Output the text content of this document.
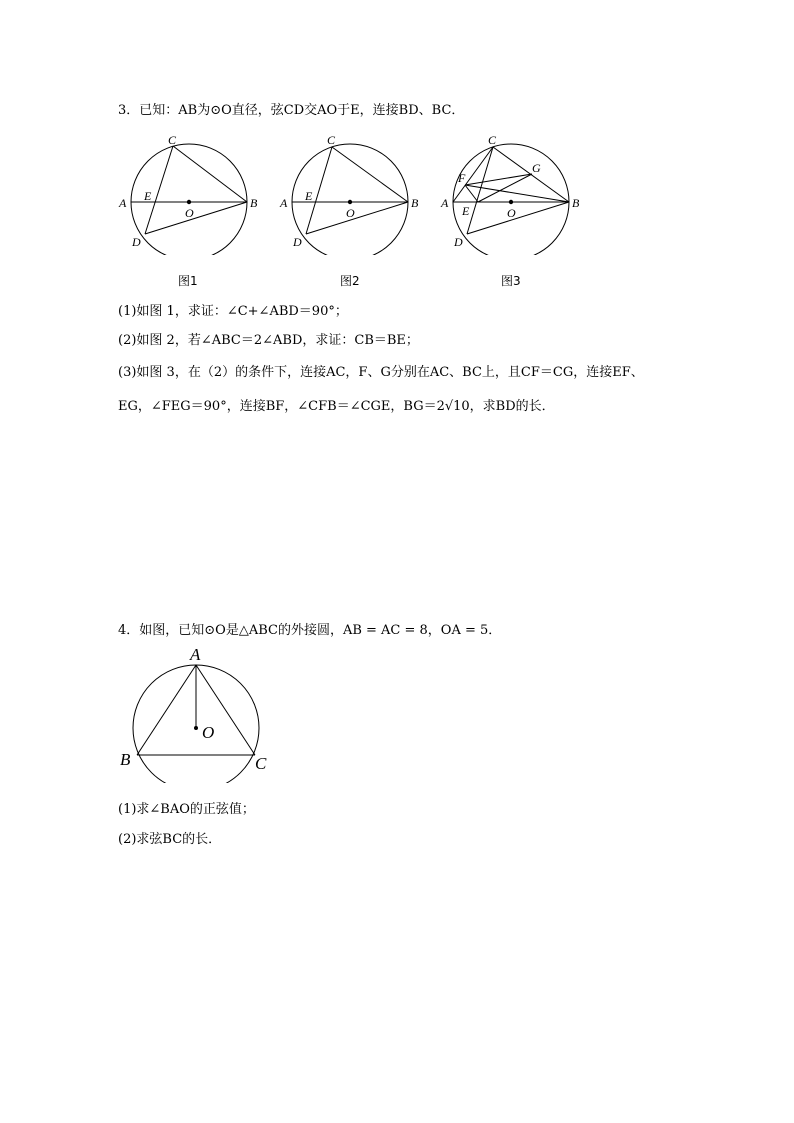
3．已知：AB为⊙O直径，弦CD交AO于E，连接BD、BC．
C
A E
O
B
D
图1
C
A E
O
B
D
图2
C
F
G
A
E	O
B
D
图3
(1)如图 1，求证：∠C+∠ABD＝90°；
(2)如图 2，若∠ABC＝2∠ABD，求证：CB＝BE；
(3)如图 3，在（2）的条件下，连接AC，F、G分别在AC、BC上，且CF＝CG，连接EF、
EG，∠FEG＝90°，连接BF，∠CFB＝∠CGE，BG＝2√10，求BD的长．
4．如图，已知⊙O是△ABC的外接圆，AB = AC = 8，OA = 5．
A
O
B	C
(1)求∠BAO的正弦值；
(2)求弦BC的长．
